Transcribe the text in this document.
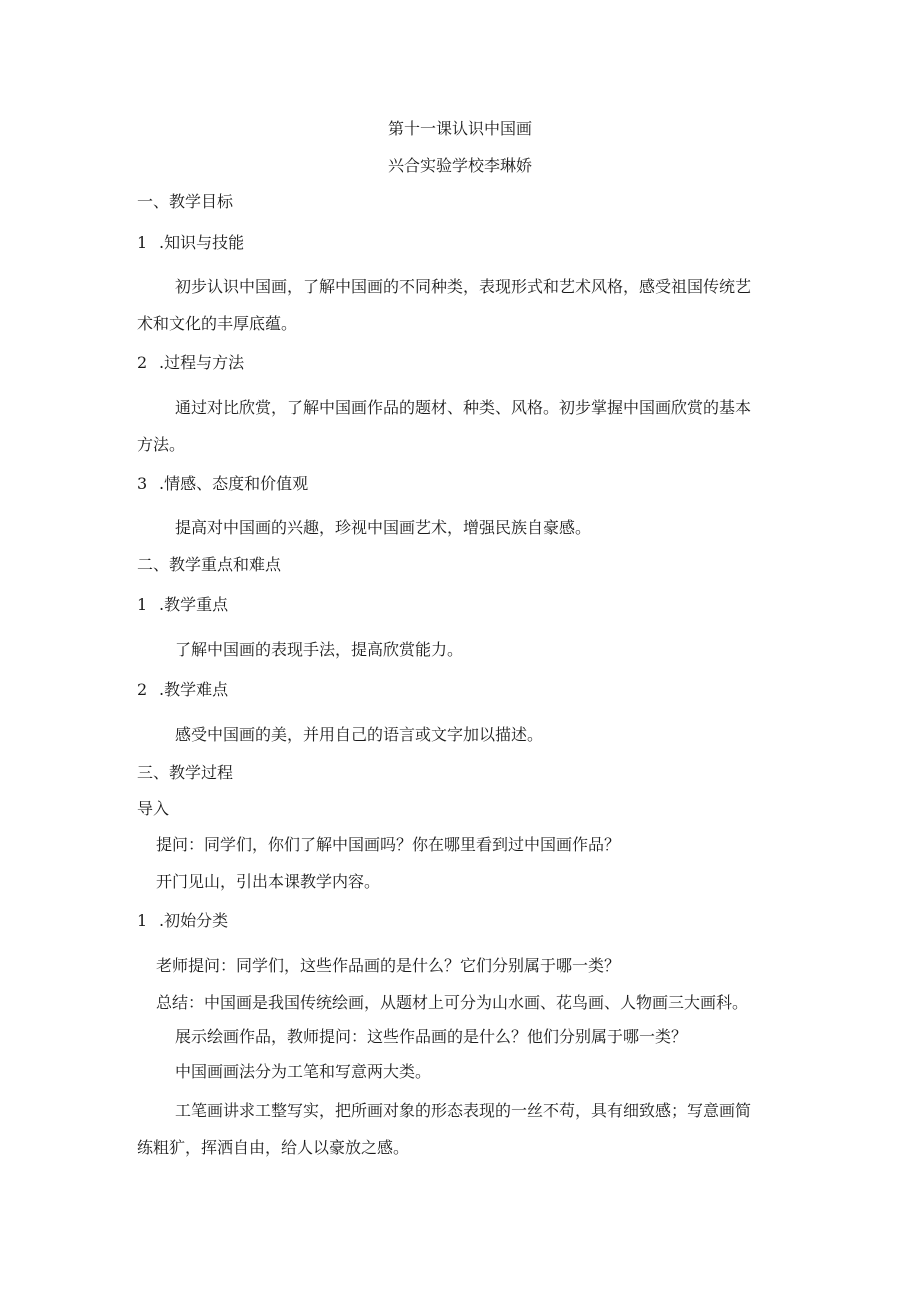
第十一课认识中国画
兴合实验学校李琳娇
一、教学目标
1 .知识与技能
初步认识中国画，了解中国画的不同种类，表现形式和艺术风格，感受祖国传统艺
术和文化的丰厚底蕴。
2 .过程与方法
通过对比欣赏，了解中国画作品的题材、种类、风格。初步掌握中国画欣赏的基本
方法。
3 .情感、态度和价值观
提高对中国画的兴趣，珍视中国画艺术，增强民族自豪感。
二、教学重点和难点
1 .教学重点
了解中国画的表现手法，提高欣赏能力。
2 .教学难点
感受中国画的美，并用自己的语言或文字加以描述。
三、教学过程
导入
提问：同学们，你们了解中国画吗？你在哪里看到过中国画作品？
开门见山，引出本课教学内容。
1 .初始分类
老师提问：同学们，这些作品画的是什么？它们分别属于哪一类？
总结：中国画是我国传统绘画，从题材上可分为山水画、花鸟画、人物画三大画科。
展示绘画作品，教师提问：这些作品画的是什么？他们分别属于哪一类？
中国画画法分为工笔和写意两大类。
工笔画讲求工整写实，把所画对象的形态表现的一丝不苟，具有细致感；写意画简
练粗犷，挥洒自由，给人以豪放之感。
